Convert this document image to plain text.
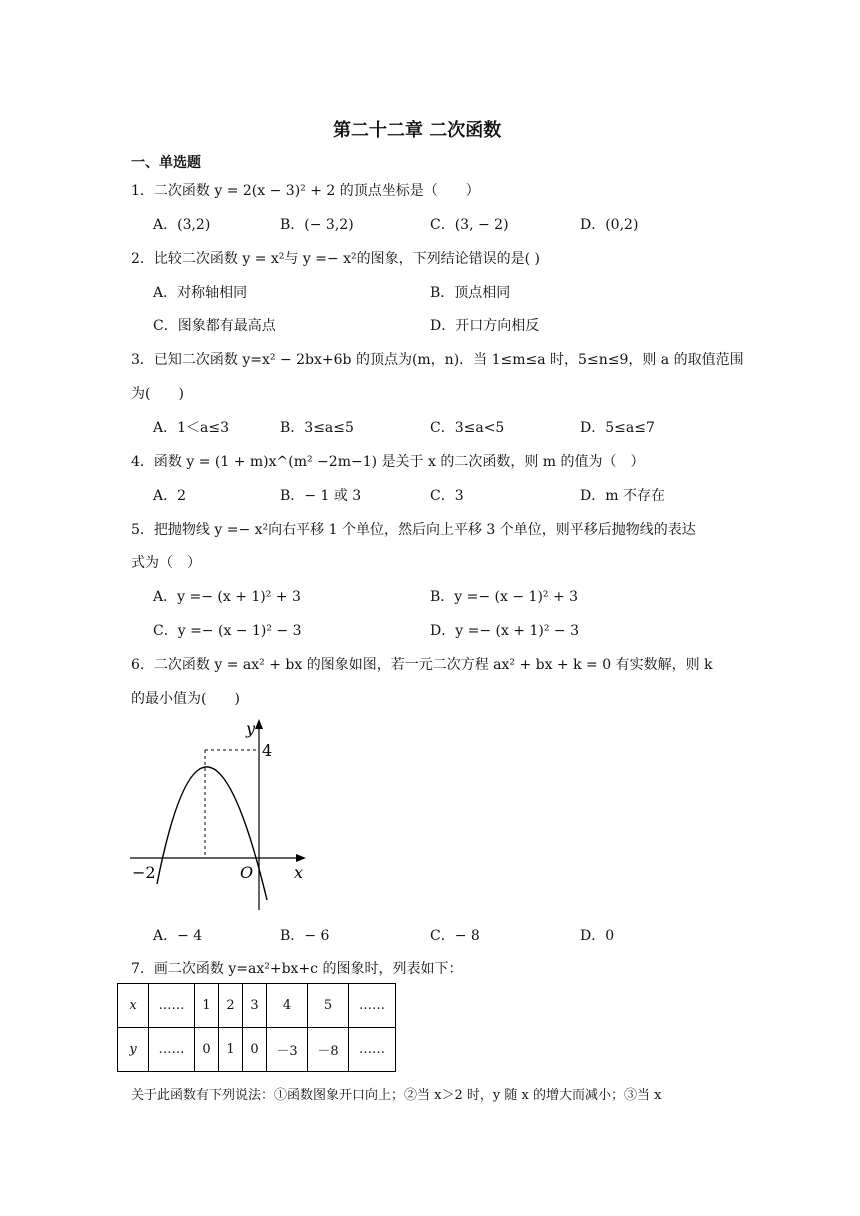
第二十二章 二次函数
一、单选题
1．二次函数 y = 2(x − 3)² + 2 的顶点坐标是（　　）
A．(3,2)	B．(− 3,2)	C．(3, − 2)	D．(0,2)
2．比较二次函数 y = x²与 y =− x²的图象，下列结论错误的是( )
A．对称轴相同	B．顶点相同
C．图象都有最高点	D．开口方向相反
3．已知二次函数 y=x² − 2bx+6b 的顶点为(m，n)．当 1≤m≤a 时，5≤n≤9，则 a 的取值范围
为(　　)
A．1＜a≤3	B．3≤a≤5	C．3≤a<5	D．5≤a≤7
4．函数 y = (1 + m)x^(m² −2m−1) 是关于 x 的二次函数，则 m 的值为（　）
A．2	B．− 1 或 3	C．3	D．m 不存在
5．把抛物线 y =− x²向右平移 1 个单位，然后向上平移 3 个单位，则平移后抛物线的表达
式为（　）
A．y =− (x + 1)² + 3	B．y =− (x − 1)² + 3
C．y =− (x − 1)² − 3	D．y =− (x + 1)² − 3
6．二次函数 y = ax² + bx 的图象如图，若一元二次方程 ax² + bx + k = 0 有实数解，则 k
的最小值为(　　)
y
4
−2	O	x
A．− 4	B．− 6	C．− 8	D．0
7．画二次函数 y=ax²+bx+c 的图象时，列表如下：
x	……	1	2	3	4	5	……
y	……	0	1	0	－3	－8	……
关于此函数有下列说法：①函数图象开口向上；②当 x＞2 时，y 随 x 的增大而减小；③当 x
